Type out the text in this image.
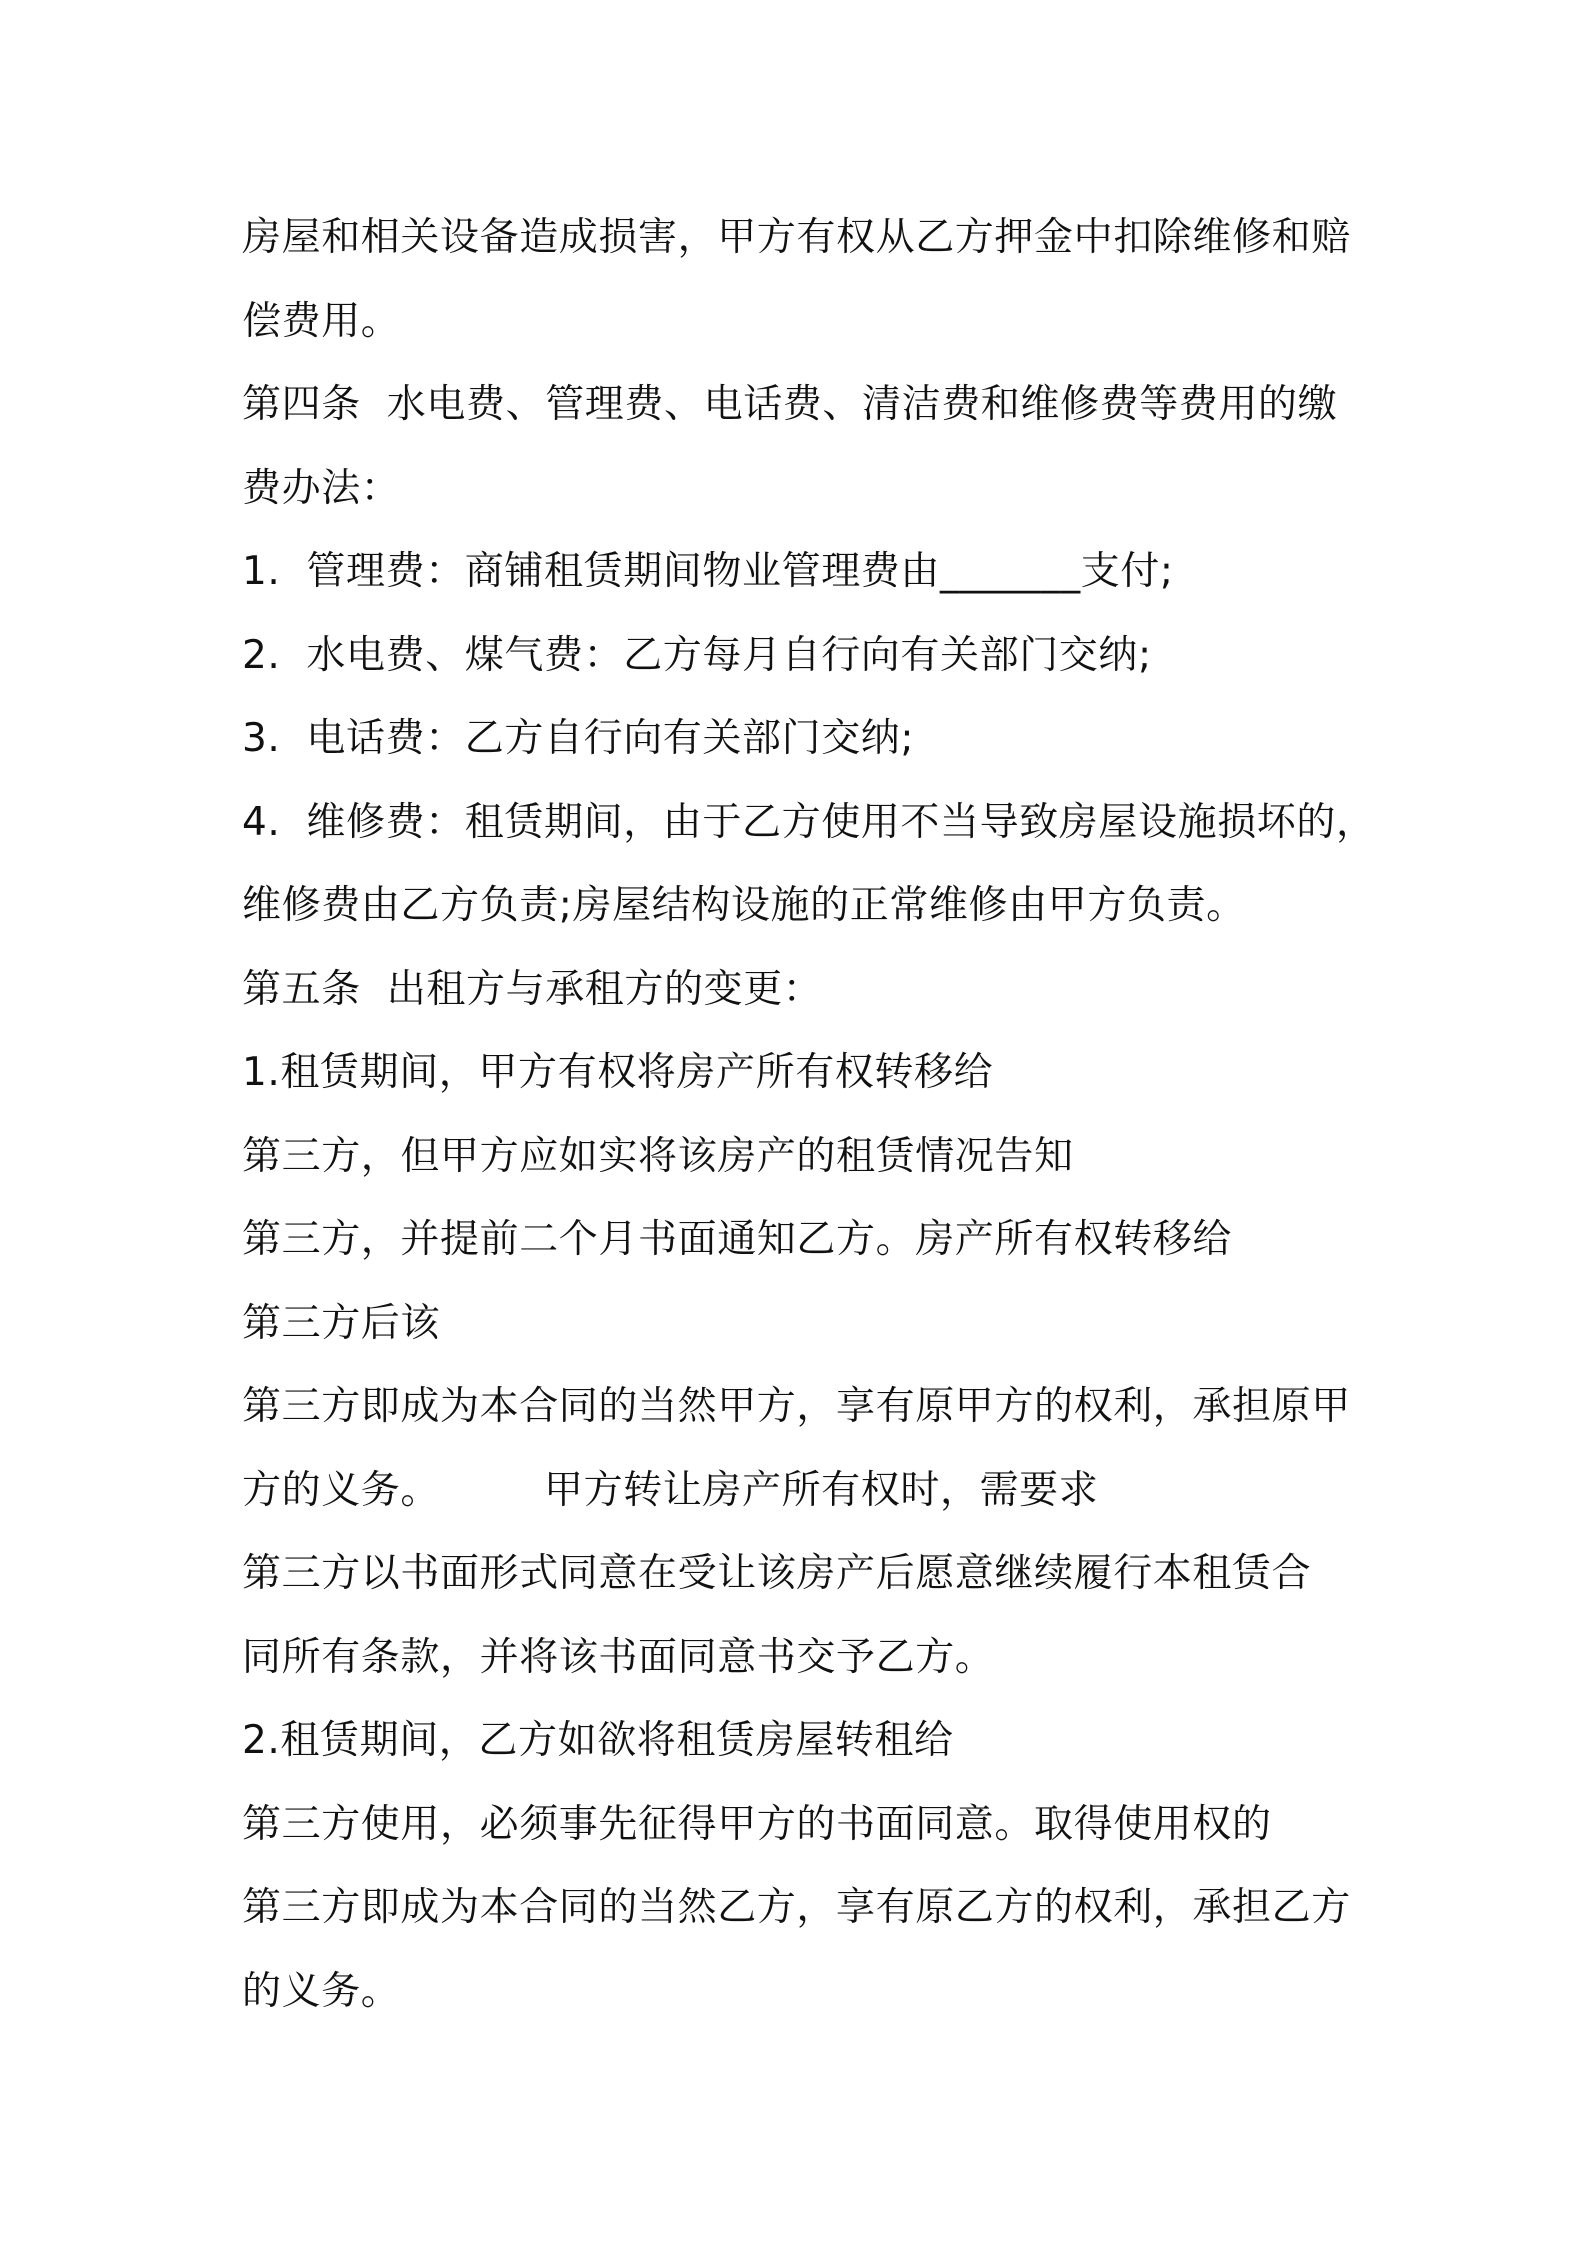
房屋和相关设备造成损害，甲方有权从乙方押金中扣除维修和赔
偿费用。
第四条  水电费、管理费、电话费、清洁费和维修费等费用的缴
费办法：
1.  管理费：商铺租赁期间物业管理费由_______支付;
2.  水电费、煤气费：乙方每月自行向有关部门交纳;
3.  电话费：乙方自行向有关部门交纳;
4.  维修费：租赁期间，由于乙方使用不当导致房屋设施损坏的，
维修费由乙方负责;房屋结构设施的正常维修由甲方负责。
第五条  出租方与承租方的变更：
1.租赁期间，甲方有权将房产所有权转移给
第三方，但甲方应如实将该房产的租赁情况告知
第三方，并提前二个月书面通知乙方。房产所有权转移给
第三方后该
第三方即成为本合同的当然甲方，享有原甲方的权利，承担原甲
方的义务。        甲方转让房产所有权时，需要求
第三方以书面形式同意在受让该房产后愿意继续履行本租赁合
同所有条款，并将该书面同意书交予乙方。
2.租赁期间，乙方如欲将租赁房屋转租给
第三方使用，必须事先征得甲方的书面同意。取得使用权的
第三方即成为本合同的当然乙方，享有原乙方的权利，承担乙方
的义务。
